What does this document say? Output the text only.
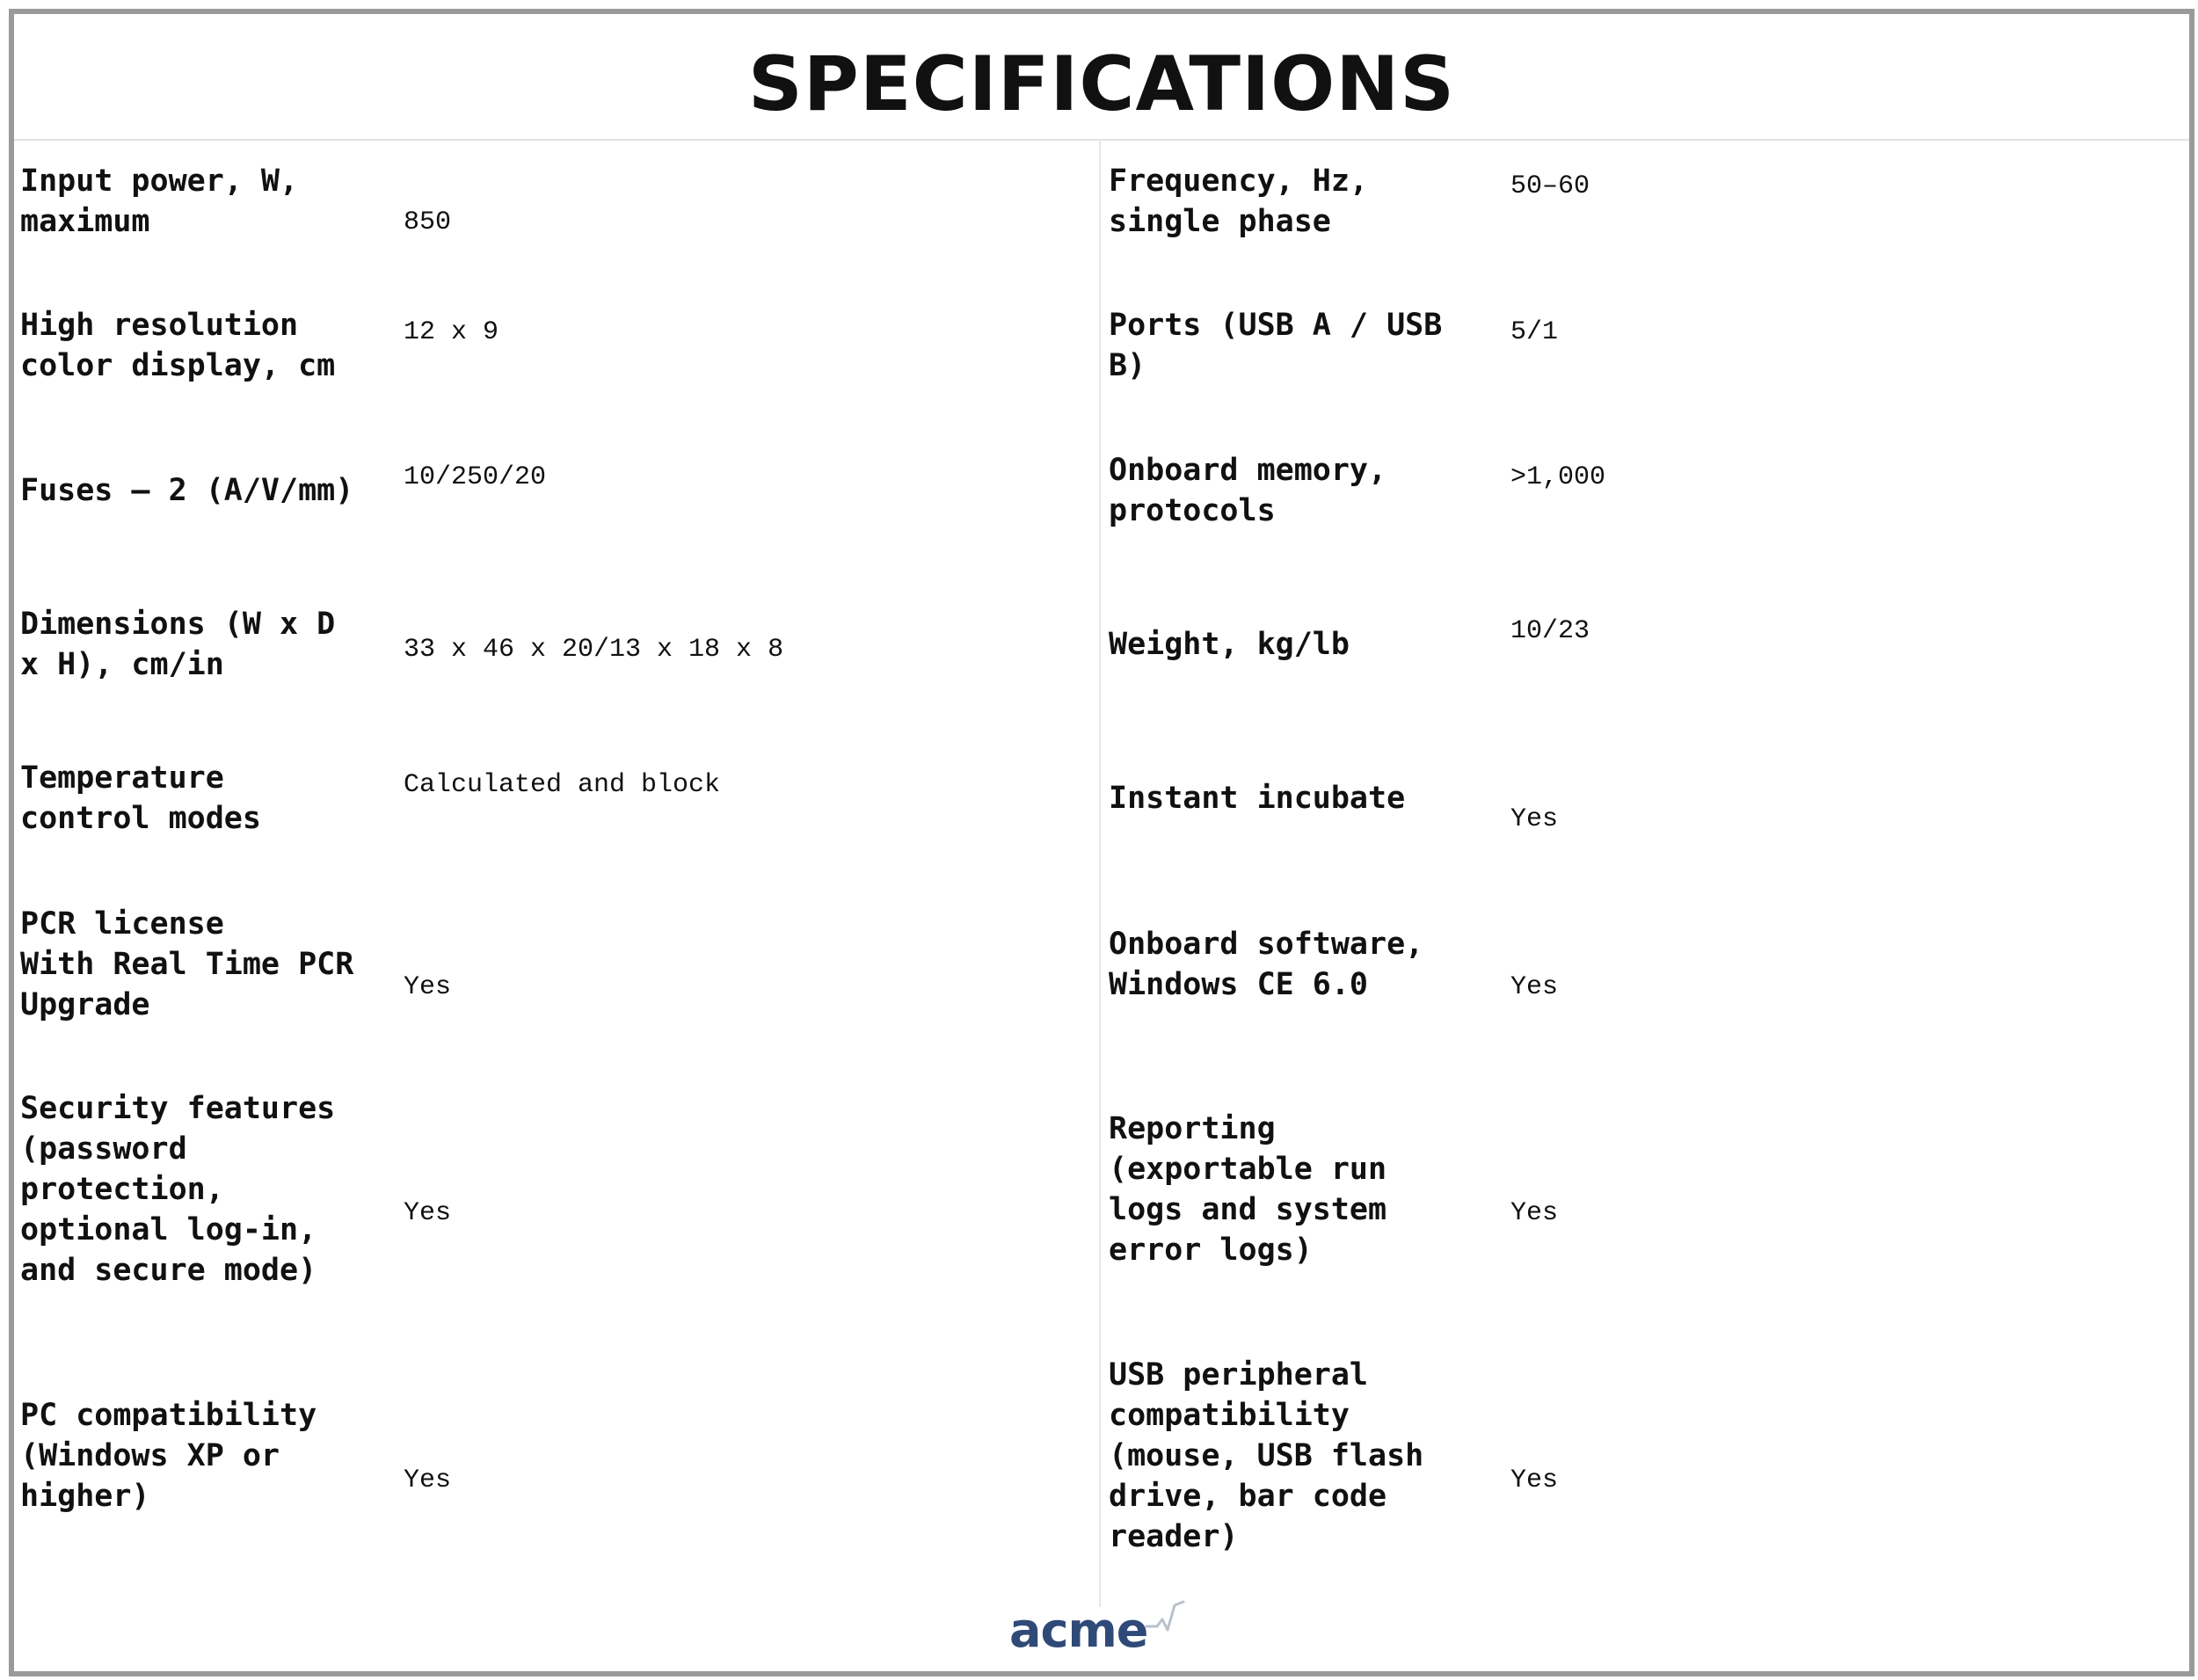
SPECIFICATIONS
Input power, W,
maximum
High resolution
color display, cm
Fuses – 2 (A/V/mm)
Dimensions (W x D
x H), cm/in
Temperature
control modes
PCR license
With Real Time PCR
Upgrade
Security features
(password
protection,
optional log-in,
and secure mode)
PC compatibility
(Windows XP or
higher)
850
12 x 9
10/250/20
33 x 46 x 20/13 x 18 x 8
Calculated and block
Yes
Yes
Yes
Frequency, Hz,
single phase
Ports (USB A / USB
B)
Onboard memory,
protocols
Weight, kg/lb
Instant incubate
Onboard software,
Windows CE 6.0
Reporting
(exportable run
logs and system
error logs)
USB peripheral
compatibility
(mouse, USB flash
drive, bar code
reader)
50–60
5/1
>1,000
10/23
Yes
Yes
Yes
Yes
acme
